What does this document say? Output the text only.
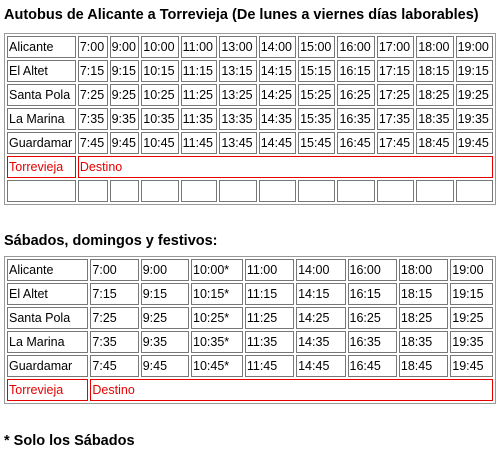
Autobus de Alicante a Torrevieja (De lunes a viernes días laborables)
Alicante	7:00	9:00	10:00	11:00	13:00	14:00	15:00	16:00	17:00	18:00	19:00
El Altet	7:15	9:15	10:15	11:15	13:15	14:15	15:15	16:15	17:15	18:15	19:15
Santa Pola	7:25	9:25	10:25	11:25	13:25	14:25	15:25	16:25	17:25	18:25	19:25
La Marina	7:35	9:35	10:35	11:35	13:35	14:35	15:35	16:35	17:35	18:35	19:35
Guardamar	7:45	9:45	10:45	11:45	13:45	14:45	15:45	16:45	17:45	18:45	19:45
Torrevieja	Destino										

Sábados, domingos y festivos:
Alicante	7:00	9:00	10:00*	11:00	14:00	16:00	18:00	19:00
El Altet	7:15	9:15	10:15*	11:15	14:15	16:15	18:15	19:15
Santa Pola	7:25	9:25	10:25*	11:25	14:25	16:25	18:25	19:25
La Marina	7:35	9:35	10:35*	11:35	14:35	16:35	18:35	19:35
Guardamar	7:45	9:45	10:45*	11:45	14:45	16:45	18:45	19:45
Torrevieja	Destino							
* Solo los Sábados
